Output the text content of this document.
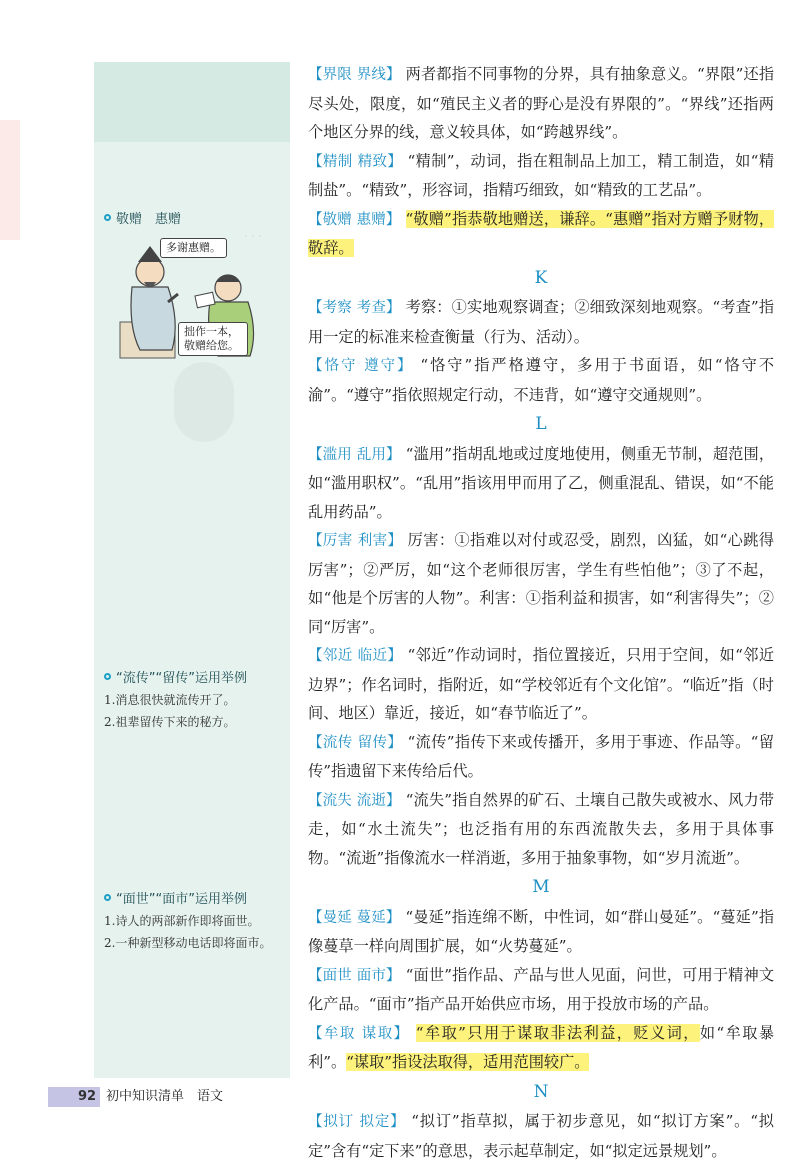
· · ·
敬赠　惠赠
多谢惠赠。
拙作一本，敬赠给您。
“流传”“留传”运用举例
1.消息很快就流传开了。
2.祖辈留传下来的秘方。
“面世”“面市”运用举例
1.诗人的两部新作即将面世。
2.一种新型移动电话即将面市。

【界限 界线】 两者都指不同事物的分界，具有抽象意义。“界限”还指尽头处，限度，如“殖民主义者的野心是没有界限的”。“界线”还指两个地区分界的线，意义较具体，如“跨越界线”。

【精制 精致】 “精制”，动词，指在粗制品上加工，精工制造，如“精制盐”。“精致”，形容词，指精巧细致，如“精致的工艺品”。

【敬赠 惠赠】 “敬赠”指恭敬地赠送，谦辞。“惠赠”指对方赠予财物，敬辞。

K

【考察 考查】 考察：①实地观察调查；②细致深刻地观察。“考查”指用一定的标准来检查衡量（行为、活动）。

【恪守 遵守】 “恪守”指严格遵守，多用于书面语，如“恪守不渝”。“遵守”指依照规定行动，不违背，如“遵守交通规则”。

L

【滥用 乱用】 “滥用”指胡乱地或过度地使用，侧重无节制，超范围，如“滥用职权”。“乱用”指该用甲而用了乙，侧重混乱、错误，如“不能乱用药品”。

【厉害 利害】 厉害：①指难以对付或忍受，剧烈，凶猛，如“心跳得厉害”；②严厉，如“这个老师很厉害，学生有些怕他”；③了不起，如“他是个厉害的人物”。利害：①指利益和损害，如“利害得失”；②同“厉害”。

【邻近 临近】 “邻近”作动词时，指位置接近，只用于空间，如“邻近边界”；作名词时，指附近，如“学校邻近有个文化馆”。“临近”指（时间、地区）靠近，接近，如“春节临近了”。

【流传 留传】 “流传”指传下来或传播开，多用于事迹、作品等。“留传”指遗留下来传给后代。

【流失 流逝】 “流失”指自然界的矿石、土壤自己散失或被水、风力带走，如“水土流失”；也泛指有用的东西流散失去，多用于具体事物。“流逝”指像流水一样消逝，多用于抽象事物，如“岁月流逝”。

M

【曼延 蔓延】 “曼延”指连绵不断，中性词，如“群山曼延”。“蔓延”指像蔓草一样向周围扩展，如“火势蔓延”。

【面世 面市】 “面世”指作品、产品与世人见面，问世，可用于精神文化产品。“面市”指产品开始供应市场，用于投放市场的产品。

【牟取 谋取】 “牟取”只用于谋取非法利益，贬义词，如“牟取暴利”。“谋取”指设法取得，适用范围较广。

N

【拟订 拟定】 “拟订”指草拟，属于初步意见，如“拟订方案”。“拟定”含有“定下来”的意思，表示起草制定，如“拟定远景规划”。

92 初中知识清单　语文
